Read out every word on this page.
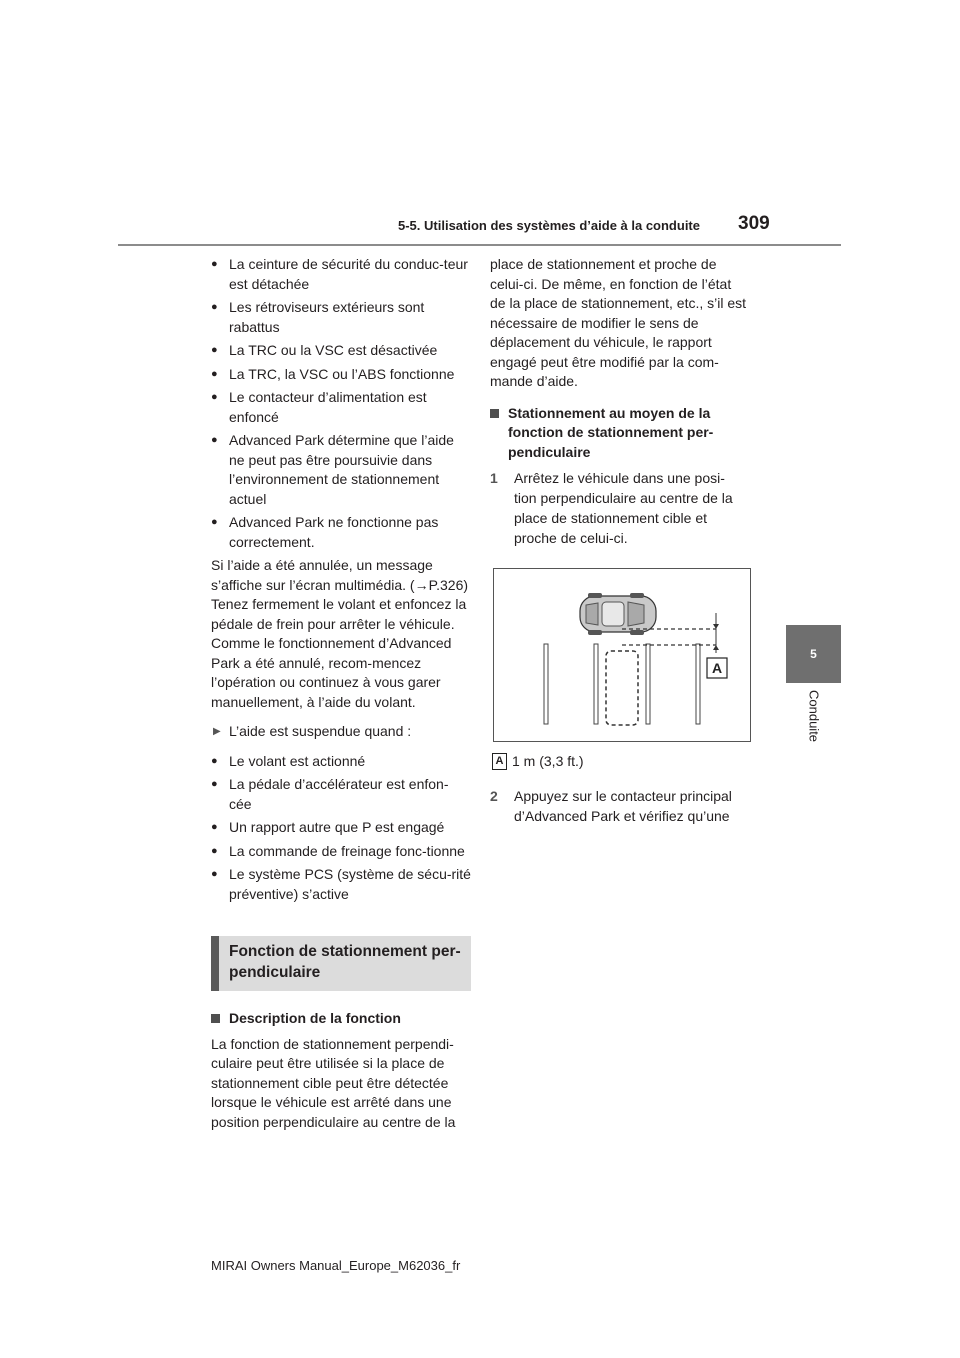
5-5. Utilisation des systèmes d’aide à la conduite 309
5
Conduite
● La ceinture de sécurité du conduc-teur est détachée
● Les rétroviseurs extérieurs sont rabattus
● La TRC ou la VSC est désactivée
● La TRC, la VSC ou l’ABS fonctionne
● Le contacteur d’alimentation est enfoncé
● Advanced Park détermine que l’aide ne peut pas être poursuivie dans l’environnement de stationnement actuel
● Advanced Park ne fonctionne pas correctement.
Si l’aide a été annulée, un message s’affiche sur l’écran multimédia. (→P.326) Tenez fermement le volant et enfoncez la pédale de frein pour arrêter le véhicule. Comme le fonctionnement d’Advanced Park a été annulé, recom-mencez l’opération ou continuez à vous garer manuellement, à l’aide du volant.
▶ L’aide est suspendue quand :
● Le volant est actionné
● La pédale d’accélérateur est enfon-cée
● Un rapport autre que P est engagé
● La commande de freinage fonc-tionne
● Le système PCS (système de sécu-rité préventive) s’active
Fonction de stationnement per-pendiculaire
Description de la fonction
La fonction de stationnement perpendi-culaire peut être utilisée si la place de stationnement cible peut être détectée lorsque le véhicule est arrêté dans une position perpendiculaire au centre de la
place de stationnement et proche de celui-ci. De même, en fonction de l’état de la place de stationnement, etc., s’il est nécessaire de modifier le sens de déplacement du véhicule, le rapport engagé peut être modifié par la com-mande d’aide.
Stationnement au moyen de la fonction de stationnement per-pendiculaire
1 Arrêtez le véhicule dans une posi-
tion perpendiculaire au centre de la
place de stationnement cible et
proche de celui-ci.
A
A 1 m (3,3 ft.)
2 Appuyez sur le contacteur principal
d’Advanced Park et vérifiez qu’une
MIRAI Owners Manual_Europe_M62036_fr
